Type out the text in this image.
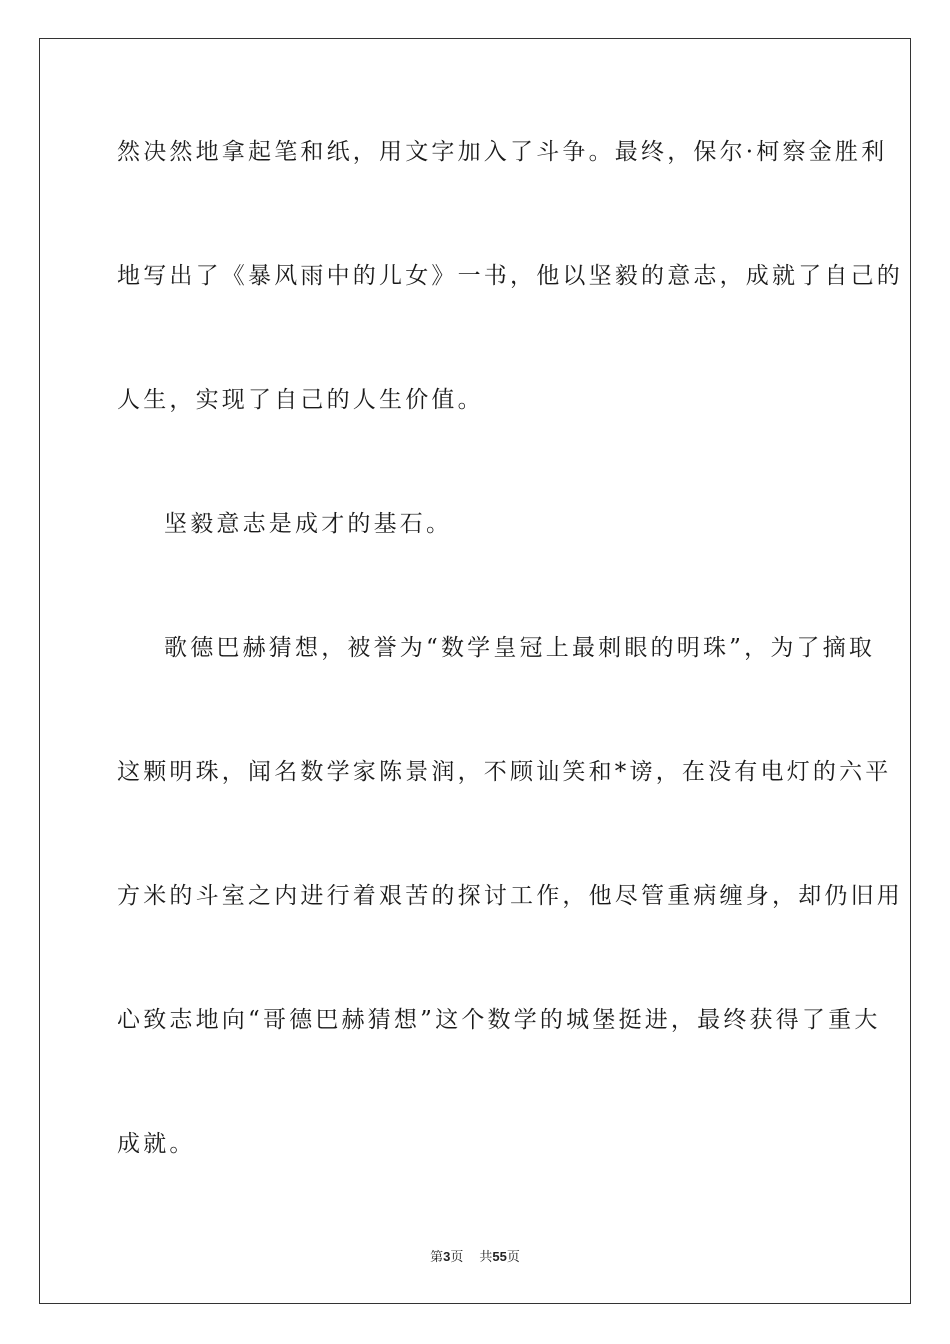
然决然地拿起笔和纸，用文字加入了斗争。最终，保尔·柯察金胜利
地写出了《暴风雨中的儿女》一书，他以坚毅的意志，成就了自己的
人生，实现了自己的人生价值。
坚毅意志是成才的基石。
歌德巴赫猜想，被誉为“数学皇冠上最刺眼的明珠”，为了摘取
这颗明珠，闻名数学家陈景润，不顾讪笑和*谤，在没有电灯的六平
方米的斗室之内进行着艰苦的探讨工作，他尽管重病缠身，却仍旧用
心致志地向“哥德巴赫猜想”这个数学的城堡挺进，最终获得了重大
成就。
第3页 共55页
